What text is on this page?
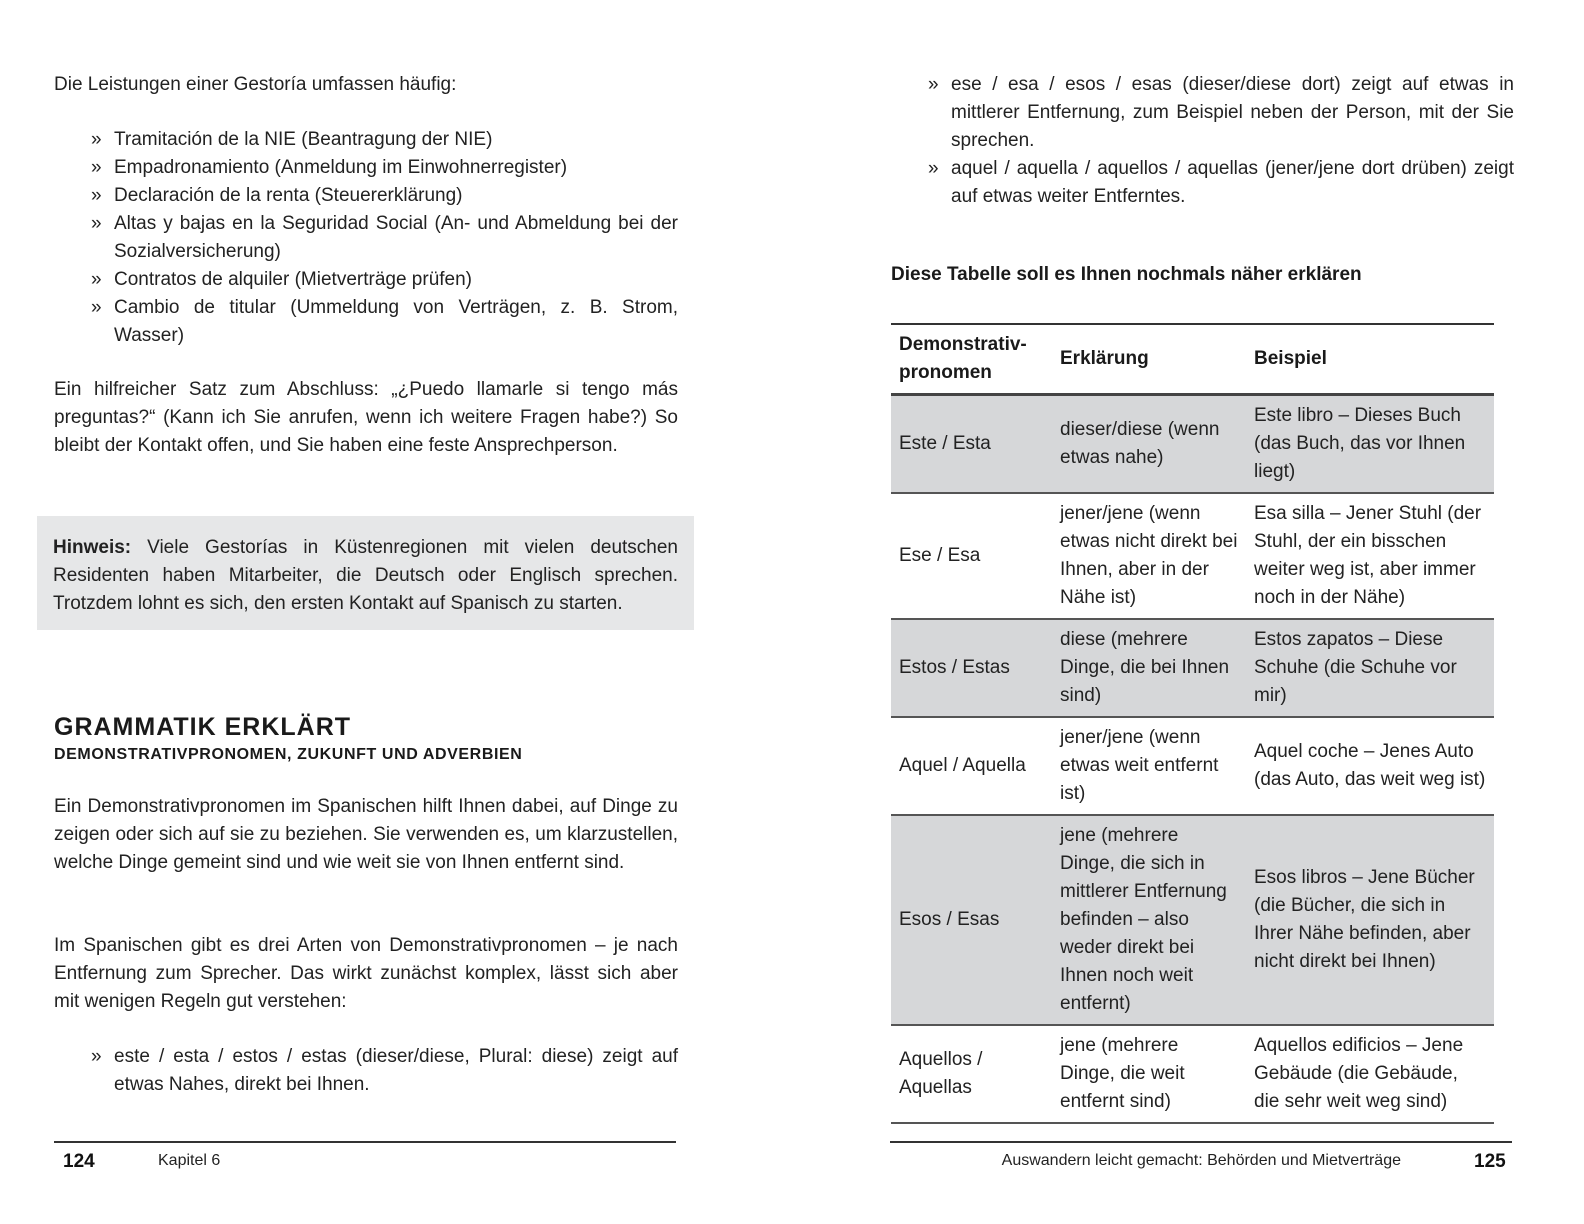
Die Leistungen einer Gestoría umfassen häufig:

» Tramitación de la NIE (Beantragung der NIE)
» Empadronamiento (Anmeldung im Einwohnerregister)
» Declaración de la renta (Steuererklärung)
» Altas y bajas en la Seguridad Social (An- und Abmeldung bei der Sozialversicherung)
» Contratos de alquiler (Mietverträge prüfen)
» Cambio de titular (Ummeldung von Verträgen, z. B. Strom, Wasser)

Ein hilfreicher Satz zum Abschluss: „¿Puedo llamarle si tengo más preguntas?“ (Kann ich Sie anrufen, wenn ich weitere Fragen habe?) So bleibt der Kontakt offen, und Sie haben eine feste Ansprechperson.

Hinweis: Viele Gestorías in Küstenregionen mit vielen deutschen Residenten haben Mitarbeiter, die Deutsch oder Englisch sprechen. Trotzdem lohnt es sich, den ersten Kontakt auf Spanisch zu starten.

GRAMMATIK ERKLÄRT
DEMONSTRATIVPRONOMEN, ZUKUNFT UND ADVERBIEN

Ein Demonstrativpronomen im Spanischen hilft Ihnen dabei, auf Dinge zu zeigen oder sich auf sie zu beziehen. Sie verwenden es, um klarzustellen, welche Dinge gemeint sind und wie weit sie von Ihnen entfernt sind.

Im Spanischen gibt es drei Arten von Demonstrativpronomen – je nach Entfernung zum Sprecher. Das wirkt zunächst komplex, lässt sich aber mit wenigen Regeln gut verstehen:

» este / esta / estos / estas (dieser/diese, Plural: diese) zeigt auf etwas Nahes, direkt bei Ihnen.
124	Kapitel 6
» ese / esa / esos / esas (dieser/diese dort) zeigt auf etwas in mittlerer Entfernung, zum Beispiel neben der Person, mit der Sie sprechen.
» aquel / aquella / aquellos / aquellas (jener/jene dort drüben) zeigt auf etwas weiter Entferntes.

Diese Tabelle soll es Ihnen nochmals näher erklären

Demonstrativ-pronomen	Erklärung	Beispiel
Este / Esta	dieser/diese (wenn etwas nahe)	Este libro – Dieses Buch (das Buch, das vor Ihnen liegt)
Ese / Esa	jener/jene (wenn etwas nicht direkt bei Ihnen, aber in der Nähe ist)	Esa silla – Jener Stuhl (der Stuhl, der ein bisschen weiter weg ist, aber immer noch in der Nähe)
Estos / Estas	diese (mehrere Dinge, die bei Ihnen sind)	Estos zapatos – Diese Schuhe (die Schuhe vor mir)
Aquel / Aquella	jener/jene (wenn etwas weit entfernt ist)	Aquel coche – Jenes Auto (das Auto, das weit weg ist)
Esos / Esas	jene (mehrere Dinge, die sich in mittlerer Entfernung befinden – also weder direkt bei Ihnen noch weit entfernt)	Esos libros – Jene Bücher (die Bücher, die sich in Ihrer Nähe befinden, aber nicht direkt bei Ihnen)
Aquellos / Aquellas	jene (mehrere Dinge, die weit entfernt sind)	Aquellos edificios – Jene Gebäude (die Gebäude, die sehr weit weg sind)
Auswandern leicht gemacht: Behörden und Mietverträge	125
